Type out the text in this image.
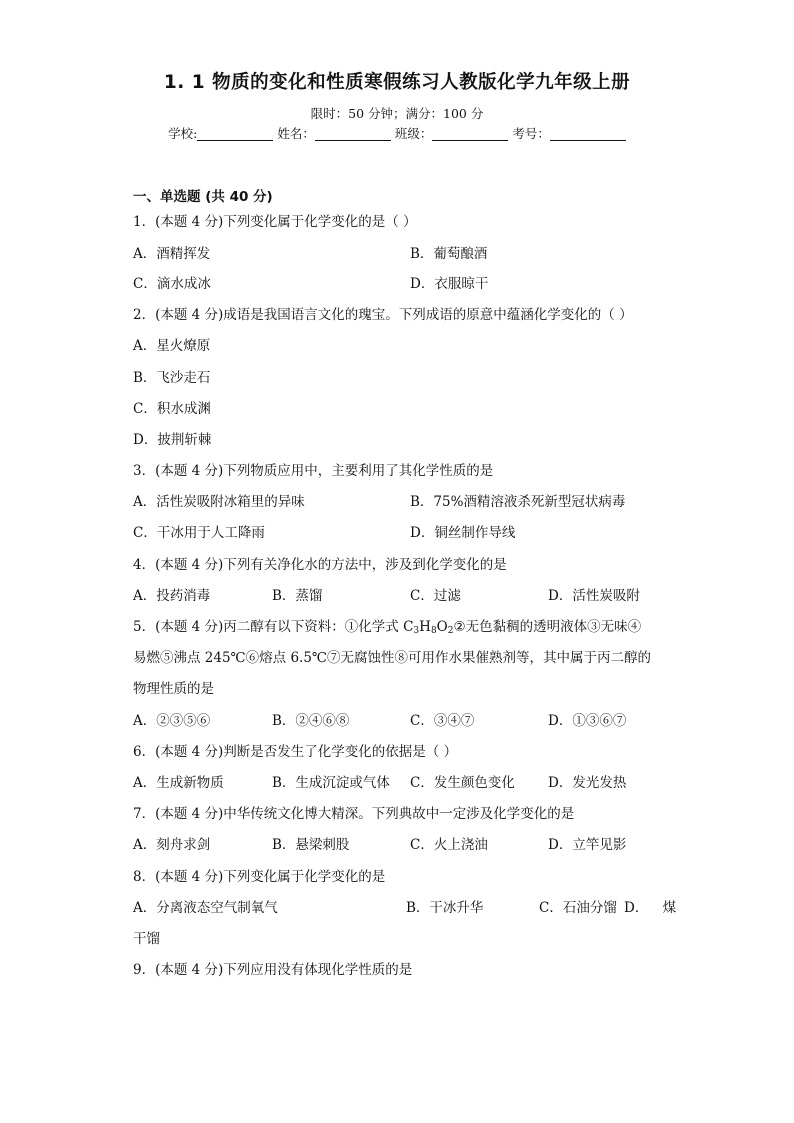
1. 1 物质的变化和性质寒假练习人教版化学九年级上册
限时：50 分钟；满分：100 分
学校:	姓名：	班级：	考号：
一、单选题 (共 40 分)
1．(本题 4 分)下列变化属于化学变化的是（ ）
A．酒精挥发	B．葡萄酿酒
C．滴水成冰	D．衣服晾干
2．(本题 4 分)成语是我国语言文化的瑰宝。下列成语的原意中蕴涵化学变化的（ ）
A．星火燎原
B．飞沙走石
C．积水成渊
D．披荆斩棘
3．(本题 4 分)下列物质应用中，主要利用了其化学性质的是
A．活性炭吸附冰箱里的异味	B．75%酒精溶液杀死新型冠状病毒
C．干冰用于人工降雨	D．铜丝制作导线
4．(本题 4 分)下列有关净化水的方法中，涉及到化学变化的是
A．投药消毒	B．蒸馏	C．过滤	D．活性炭吸附
5．(本题 4 分)丙二醇有以下资料：①化学式 $C_3H_8O_2②$无色黏稠的透明液体③无味④
易燃⑤沸点 245℃⑥熔点 6.5℃⑦无腐蚀性⑧可用作水果催熟剂等，其中属于丙二醇的
物理性质的是
A．②③⑤⑥	B．②④⑥⑧	C．③④⑦	D．①③⑥⑦
6．(本题 4 分)判断是否发生了化学变化的依据是（ ）
A．生成新物质	B．生成沉淀或气体 C．发生颜色变化 D．发光发热
7．(本题 4 分)中华传统文化博大精深。下列典故中一定涉及化学变化的是
A．刻舟求剑	B．悬梁刺股	C．火上浇油	D．立竿见影
8．(本题 4 分)下列变化属于化学变化的是
A．分离液态空气制氧气	B．干冰升华	C．石油分馏 D． 煤
干馏
9．(本题 4 分)下列应用没有体现化学性质的是
